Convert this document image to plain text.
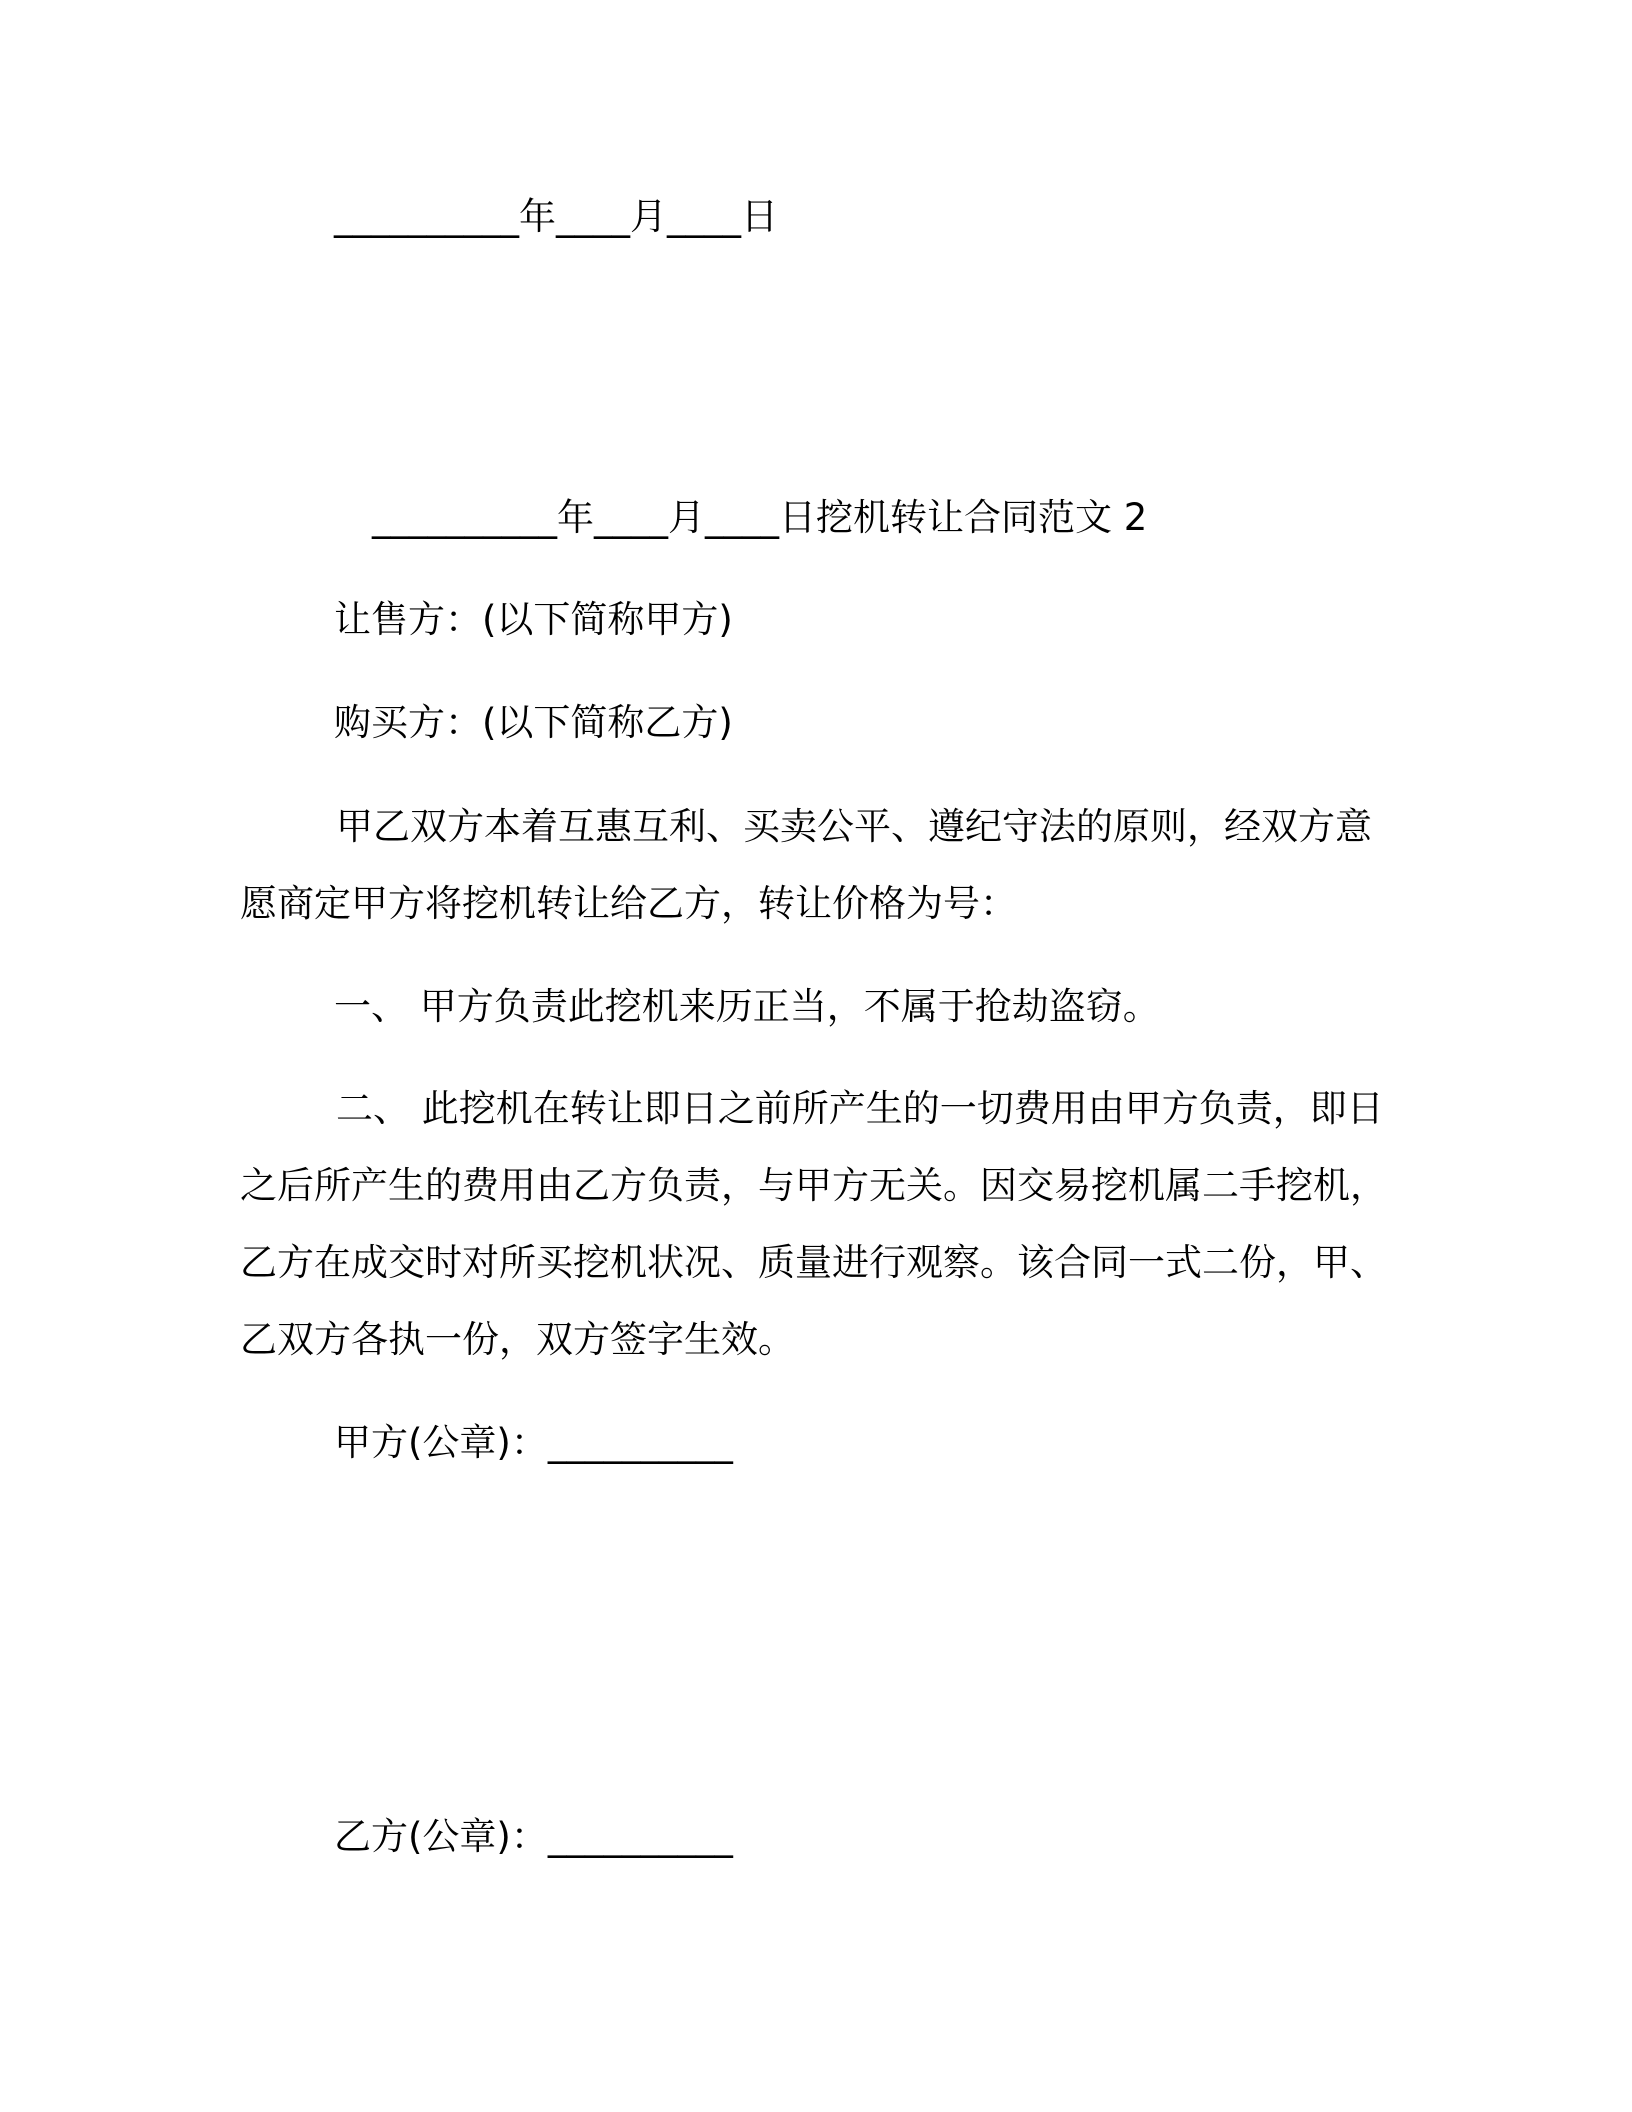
__________年____月____日
__________年____月____日挖机转让合同范文 2
让售方：(以下简称甲方)
购买方：(以下简称乙方)
甲乙双方本着互惠互利、买卖公平、遵纪守法的原则，经双方意
愿商定甲方将挖机转让给乙方，转让价格为号：
一、 甲方负责此挖机来历正当，不属于抢劫盗窃。
二、 此挖机在转让即日之前所产生的一切费用由甲方负责，即日
之后所产生的费用由乙方负责，与甲方无关。因交易挖机属二手挖机，
乙方在成交时对所买挖机状况、质量进行观察。该合同一式二份，甲、
乙双方各执一份，双方签字生效。
甲方(公章)：__________
乙方(公章)：__________
